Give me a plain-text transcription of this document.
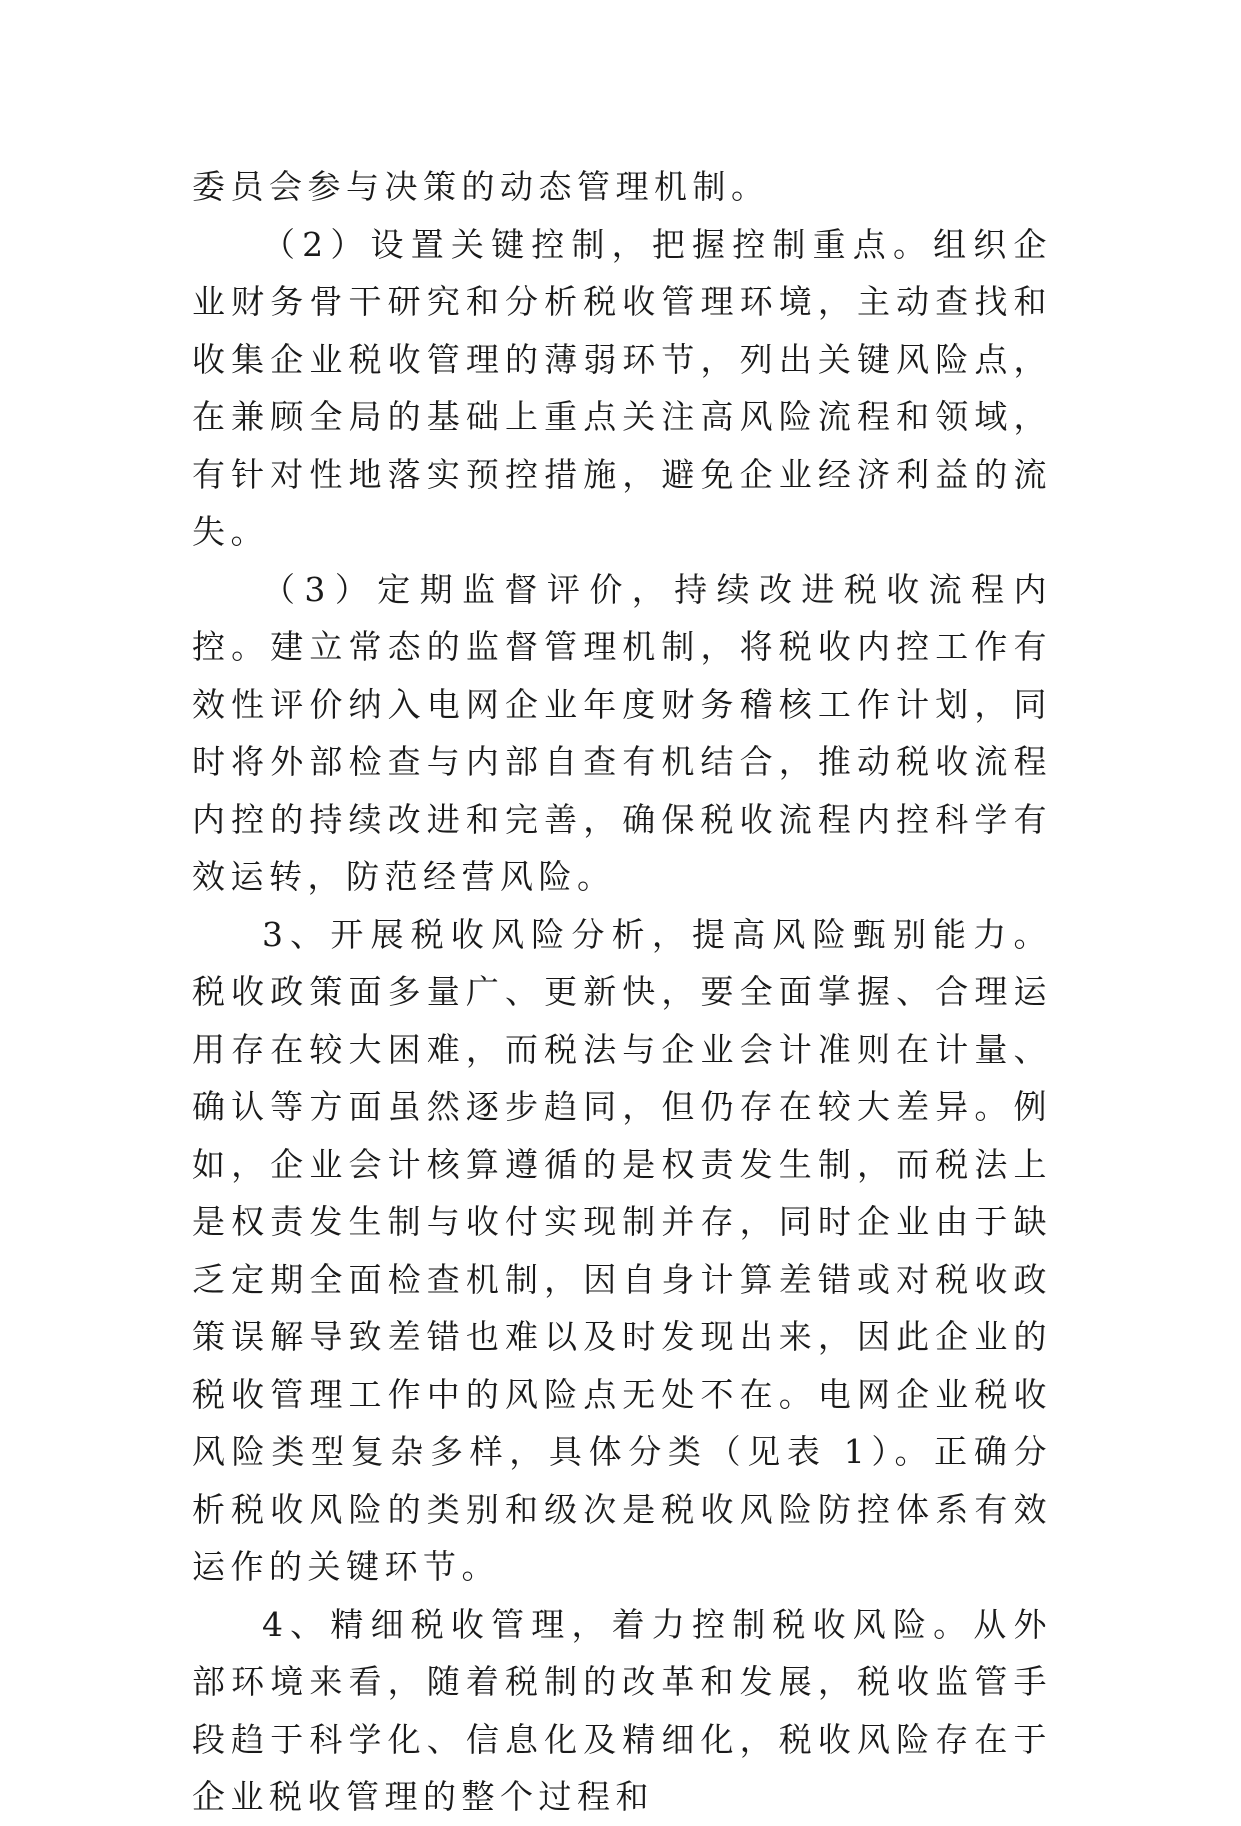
委员会参与决策的动态管理机制。

（2）设置关键控制，把握控制重点。组织企业财务骨干研究和分析税收管理环境，主动查找和收集企业税收管理的薄弱环节，列出关键风险点，在兼顾全局的基础上重点关注高风险流程和领域，有针对性地落实预控措施，避免企业经济利益的流失。

（3）定期监督评价，持续改进税收流程内控。建立常态的监督管理机制，将税收内控工作有效性评价纳入电网企业年度财务稽核工作计划，同时将外部检查与内部自查有机结合，推动税收流程内控的持续改进和完善，确保税收流程内控科学有效运转，防范经营风险。

3、开展税收风险分析，提高风险甄别能力。税收政策面多量广、更新快，要全面掌握、合理运用存在较大困难，而税法与企业会计准则在计量、确认等方面虽然逐步趋同，但仍存在较大差异。例如，企业会计核算遵循的是权责发生制，而税法上是权责发生制与收付实现制并存，同时企业由于缺乏定期全面检查机制，因自身计算差错或对税收政策误解导致差错也难以及时发现出来，因此企业的税收管理工作中的风险点无处不在。电网企业税收风险类型复杂多样，具体分类（见表 1）。正确分析税收风险的类别和级次是税收风险防控体系有效运作的关键环节。

4、精细税收管理，着力控制税收风险。从外部环境来看，随着税制的改革和发展，税收监管手段趋于科学化、信息化及精细化，税收风险存在于企业税收管理的整个过程和
